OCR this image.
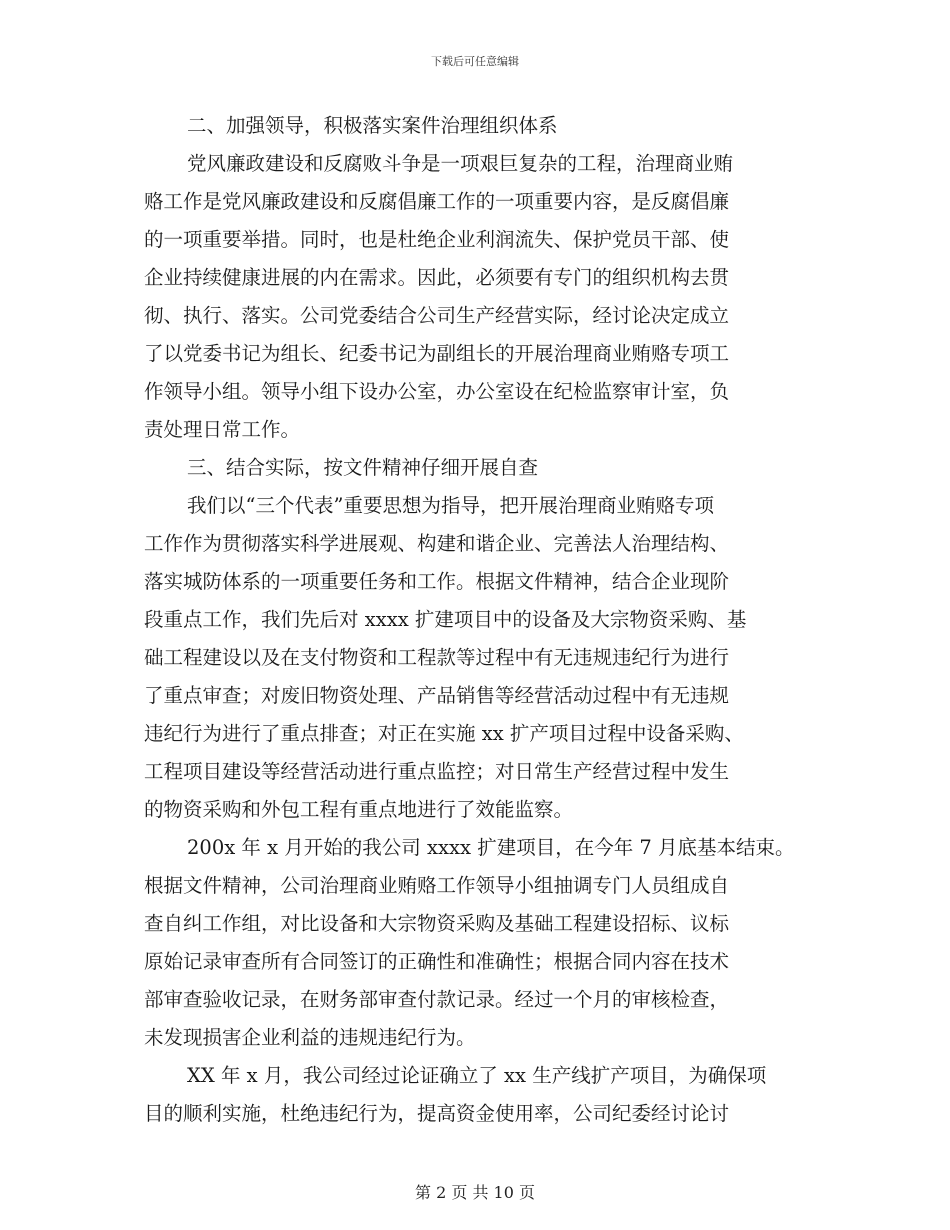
下载后可任意编辑
二、加强领导，积极落实案件治理组织体系
党风廉政建设和反腐败斗争是一项艰巨复杂的工程，治理商业贿
赂工作是党风廉政建设和反腐倡廉工作的一项重要内容，是反腐倡廉
的一项重要举措。同时，也是杜绝企业利润流失、保护党员干部、使
企业持续健康进展的内在需求。因此，必须要有专门的组织机构去贯
彻、执行、落实。公司党委结合公司生产经营实际，经讨论决定成立
了以党委书记为组长、纪委书记为副组长的开展治理商业贿赂专项工
作领导小组。领导小组下设办公室，办公室设在纪检监察审计室，负
责处理日常工作。
三、结合实际，按文件精神仔细开展自查
我们以“三个代表”重要思想为指导，把开展治理商业贿赂专项
工作作为贯彻落实科学进展观、构建和谐企业、完善法人治理结构、
落实城防体系的一项重要任务和工作。根据文件精神，结合企业现阶
段重点工作，我们先后对 xxxx 扩建项目中的设备及大宗物资采购、基
础工程建设以及在支付物资和工程款等过程中有无违规违纪行为进行
了重点审查；对废旧物资处理、产品销售等经营活动过程中有无违规
违纪行为进行了重点排查；对正在实施 xx 扩产项目过程中设备采购、
工程项目建设等经营活动进行重点监控；对日常生产经营过程中发生
的物资采购和外包工程有重点地进行了效能监察。
200x 年 x 月开始的我公司 xxxx 扩建项目，在今年 7 月底基本结束。
根据文件精神，公司治理商业贿赂工作领导小组抽调专门人员组成自
查自纠工作组，对比设备和大宗物资采购及基础工程建设招标、议标
原始记录审查所有合同签订的正确性和准确性；根据合同内容在技术
部审查验收记录，在财务部审查付款记录。经过一个月的审核检查，
未发现损害企业利益的违规违纪行为。
XX 年 x 月，我公司经过论证确立了 xx 生产线扩产项目，为确保项
目的顺利实施，杜绝违纪行为，提高资金使用率，公司纪委经讨论讨
第 2 页 共 10 页
